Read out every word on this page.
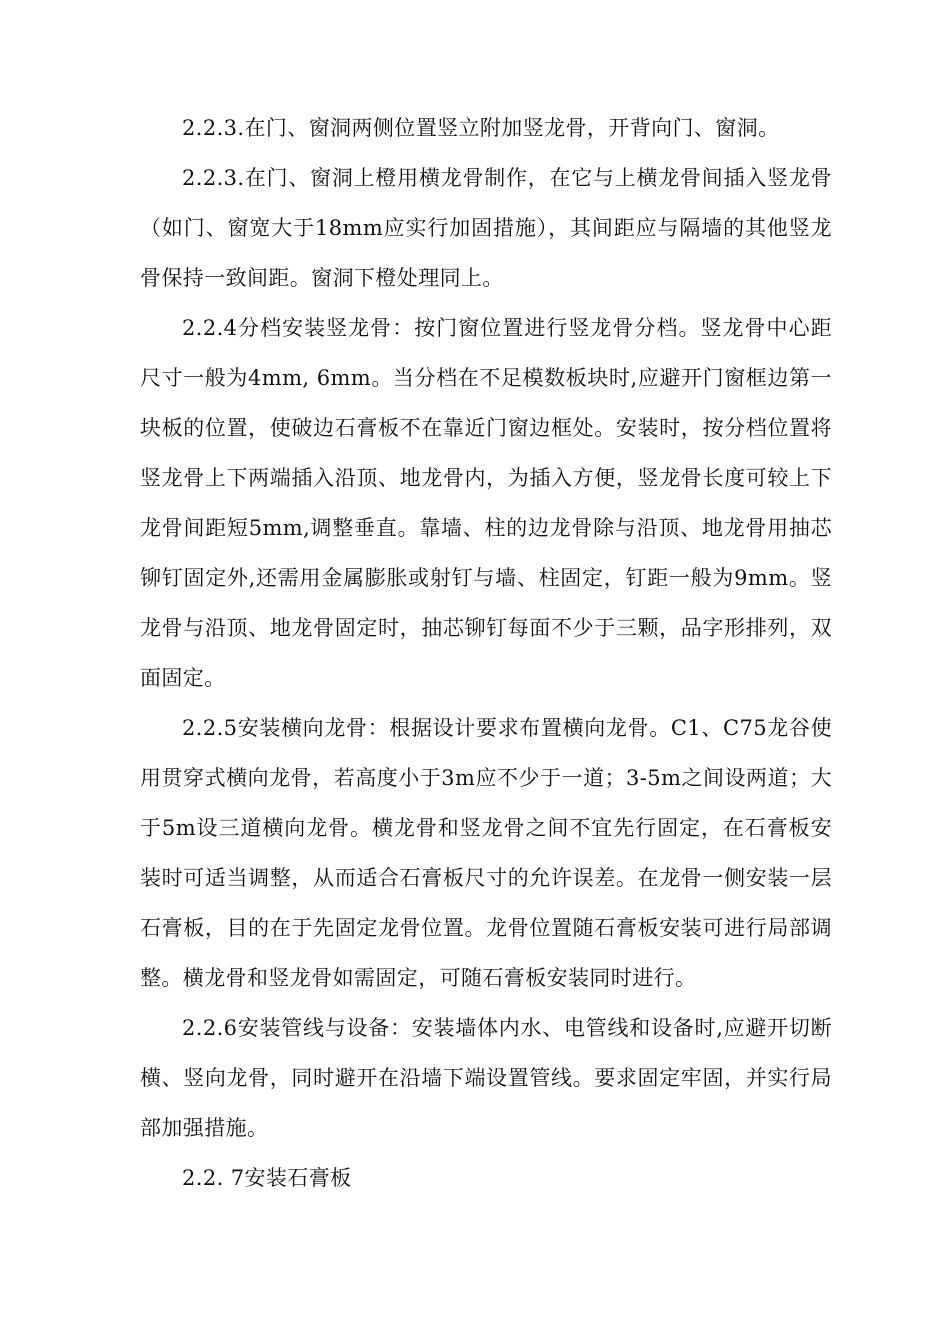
2.2.3.在门、窗洞两侧位置竖立附加竖龙骨，开背向门、窗洞。

2.2.3.在门、窗洞上橙用横龙骨制作，在它与上横龙骨间插入竖龙骨（如门、窗宽大于18mm应实行加固措施），其间距应与隔墙的其他竖龙骨保持一致间距。窗洞下橙处理同上。

2.2.4分档安装竖龙骨：按门窗位置进行竖龙骨分档。竖龙骨中心距尺寸一般为4mm, 6mm。当分档在不足模数板块时,应避开门窗框边第一块板的位置，使破边石膏板不在靠近门窗边框处。安装时，按分档位置将竖龙骨上下两端插入沿顶、地龙骨内，为插入方便，竖龙骨长度可较上下龙骨间距短5mm,调整垂直。靠墙、柱的边龙骨除与沿顶、地龙骨用抽芯铆钉固定外,还需用金属膨胀或射钉与墙、柱固定，钉距一般为9mm。竖龙骨与沿顶、地龙骨固定时，抽芯铆钉每面不少于三颗，品字形排列，双面固定。

2.2.5安装横向龙骨：根据设计要求布置横向龙骨。C1、C75龙谷使用贯穿式横向龙骨，若高度小于3m应不少于一道；3-5m之间设两道；大于5m设三道横向龙骨。横龙骨和竖龙骨之间不宜先行固定，在石膏板安装时可适当调整，从而适合石膏板尺寸的允许误差。在龙骨一侧安装一层石膏板，目的在于先固定龙骨位置。龙骨位置随石膏板安装可进行局部调整。横龙骨和竖龙骨如需固定，可随石膏板安装同时进行。

2.2.6安装管线与设备：安装墙体内水、电管线和设备时,应避开切断横、竖向龙骨，同时避开在沿墙下端设置管线。要求固定牢固，并实行局部加强措施。

2.2. 7安装石膏板
